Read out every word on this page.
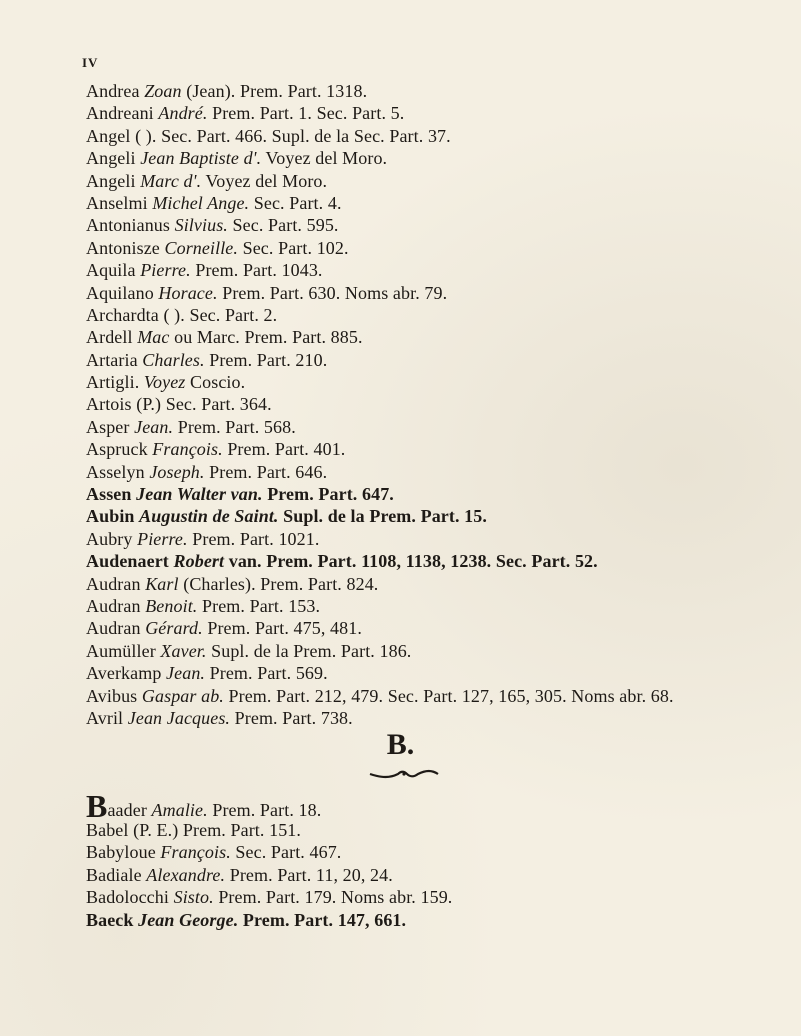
IV
Andrea Zoan (Jean). Prem. Part. 1318.
Andreani André. Prem. Part. 1. Sec. Part. 5.
Angel ( ). Sec. Part. 466. Supl. de la Sec. Part. 37.
Angeli Jean Baptiste d'. Voyez del Moro.
Angeli Marc d'. Voyez del Moro.
Anselmi Michel Ange. Sec. Part. 4.
Antonianus Silvius. Sec. Part. 595.
Antonisze Corneille. Sec. Part. 102.
Aquila Pierre. Prem. Part. 1043.
Aquilano Horace. Prem. Part. 630. Noms abr. 79.
Archardta ( ). Sec. Part. 2.
Ardell Mac ou Marc. Prem. Part. 885.
Artaria Charles. Prem. Part. 210.
Artigli. Voyez Coscio.
Artois (P.) Sec. Part. 364.
Asper Jean. Prem. Part. 568.
Aspruck François. Prem. Part. 401.
Asselyn Joseph. Prem. Part. 646.
Assen Jean Walter van. Prem. Part. 647.
Aubin Augustin de Saint. Supl. de la Prem. Part. 15.
Aubry Pierre. Prem. Part. 1021.
Audenaert Robert van. Prem. Part. 1108, 1138, 1238. Sec. Part. 52.
Audran Karl (Charles). Prem. Part. 824.
Audran Benoit. Prem. Part. 153.
Audran Gérard. Prem. Part. 475, 481.
Aumüller Xaver. Supl. de la Prem. Part. 186.
Averkamp Jean. Prem. Part. 569.
Avibus Gaspar ab. Prem. Part. 212, 479. Sec. Part. 127, 165, 305. Noms abr. 68.
Avril Jean Jacques. Prem. Part. 738.
B.
Baader Amalie. Prem. Part. 18.
Babel (P. E.) Prem. Part. 151.
Babyloue François. Sec. Part. 467.
Badiale Alexandre. Prem. Part. 11, 20, 24.
Badolocchi Sisto. Prem. Part. 179. Noms abr. 159.
Baeck Jean George. Prem. Part. 147, 661.
